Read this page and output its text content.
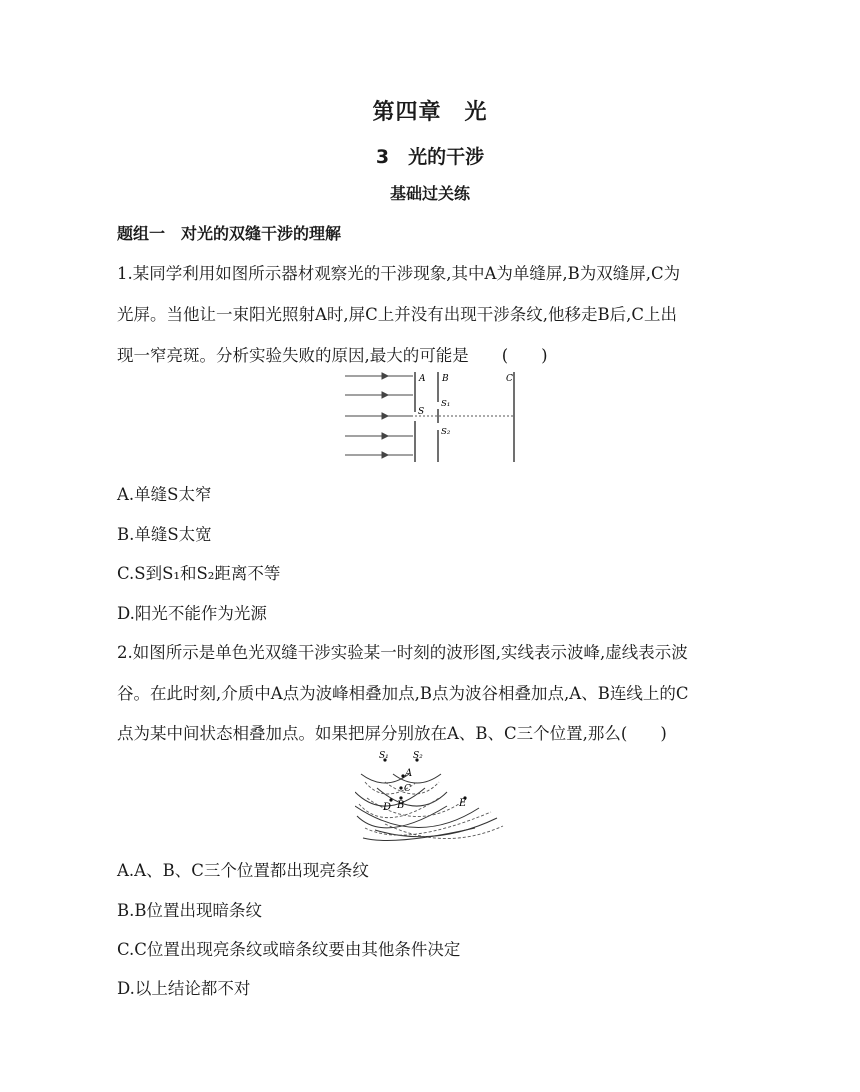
第四章　光
3　光的干涉
基础过关练
题组一　对光的双缝干涉的理解
1.某同学利用如图所示器材观察光的干涉现象,其中A为单缝屏,B为双缝屏,C为
光屏。当他让一束阳光照射A时,屏C上并没有出现干涉条纹,他移走B后,C上出
现一窄亮斑。分析实验失败的原因,最大的可能是　　(　　)
A B	C
S
S₁
S₂
A.单缝S太窄
B.单缝S太宽
C.S到S₁和S₂距离不等
D.阳光不能作为光源
2.如图所示是单色光双缝干涉实验某一时刻的波形图,实线表示波峰,虚线表示波
谷。在此时刻,介质中A点为波峰相叠加点,B点为波谷相叠加点,A、B连线上的C
点为某中间状态相叠加点。如果把屏分别放在A、B、C三个位置,那么(　　)
S₁	S₂
A
C
B
D	E
A.A、B、C三个位置都出现亮条纹
B.B位置出现暗条纹
C.C位置出现亮条纹或暗条纹要由其他条件决定
D.以上结论都不对
